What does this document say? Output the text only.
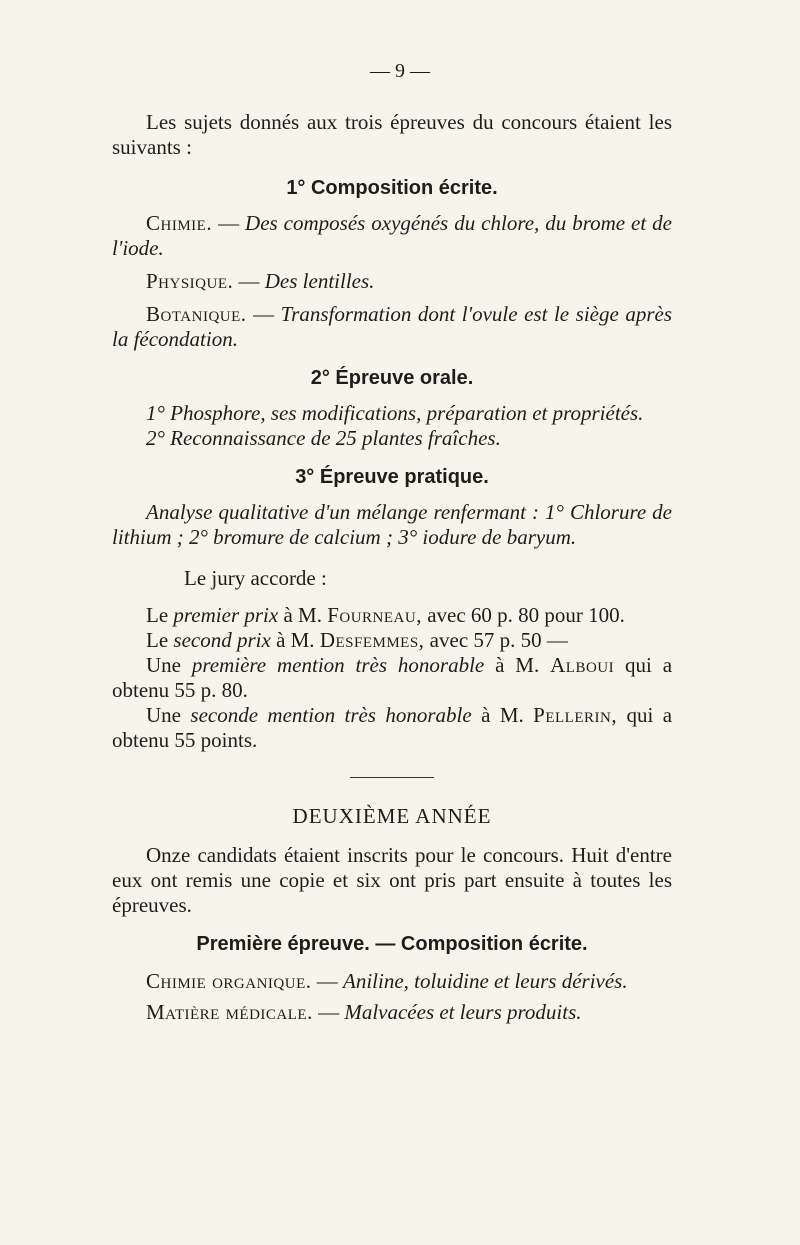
— 9 —

Les sujets donnés aux trois épreuves du concours étaient les suivants :

1° Composition écrite.

Chimie. — Des composés oxygénés du chlore, du brome et de l'iode.

Physique. — Des lentilles.

Botanique. — Transformation dont l'ovule est le siège après la fécondation.

2° Épreuve orale.

1° Phosphore, ses modifications, préparation et propriétés.

2° Reconnaissance de 25 plantes fraîches.

3° Épreuve pratique.

Analyse qualitative d'un mélange renfermant : 1° Chlorure de lithium ; 2° bromure de calcium ; 3° iodure de baryum.

Le jury accorde :

Le premier prix à M. Fourneau, avec 60 p. 80 pour 100.

Le second prix à M. Desfemmes, avec 57 p. 50 —

Une première mention très honorable à M. Alboui qui a obtenu 55 p. 80.

Une seconde mention très honorable à M. Pellerin, qui a obtenu 55 points.

DEUXIÈME ANNÉE

Onze candidats étaient inscrits pour le concours. Huit d'entre eux ont remis une copie et six ont pris part ensuite à toutes les épreuves.

Première épreuve. — Composition écrite.

Chimie organique. — Aniline, toluidine et leurs dérivés.

Matière médicale. — Malvacées et leurs produits.
